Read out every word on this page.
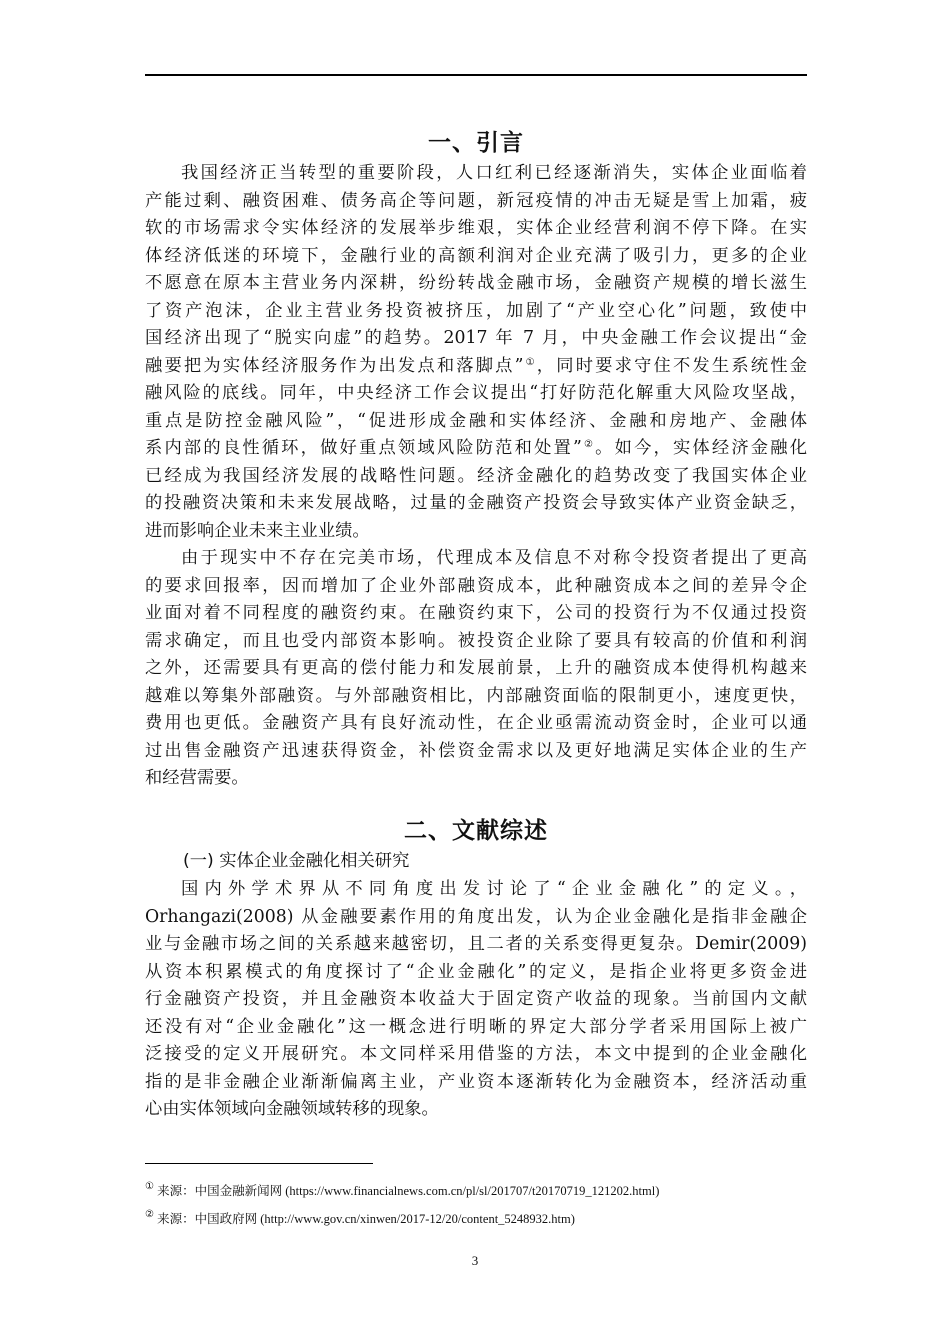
一、引言
我国经济正当转型的重要阶段，人口红利已经逐渐消失，实体企业面临着
产能过剩、融资困难、债务高企等问题，新冠疫情的冲击无疑是雪上加霜，疲
软的市场需求令实体经济的发展举步维艰，实体企业经营利润不停下降。在实
体经济低迷的环境下，金融行业的高额利润对企业充满了吸引力，更多的企业
不愿意在原本主营业务内深耕，纷纷转战金融市场，金融资产规模的增长滋生
了资产泡沫，企业主营业务投资被挤压，加剧了“产业空心化”问题，致使中
国经济出现了“脱实向虚”的趋势。2017 年 7 月，中央金融工作会议提出“金
融要把为实体经济服务作为出发点和落脚点”①，同时要求守住不发生系统性金
融风险的底线。同年，中央经济工作会议提出“打好防范化解重大风险攻坚战，
重点是防控金融风险”，“促进形成金融和实体经济、金融和房地产、金融体
系内部的良性循环，做好重点领域风险防范和处置”②。如今，实体经济金融化
已经成为我国经济发展的战略性问题。经济金融化的趋势改变了我国实体企业
的投融资决策和未来发展战略，过量的金融资产投资会导致实体产业资金缺乏，
进而影响企业未来主业业绩。
由于现实中不存在完美市场，代理成本及信息不对称令投资者提出了更高
的要求回报率，因而增加了企业外部融资成本，此种融资成本之间的差异令企
业面对着不同程度的融资约束。在融资约束下，公司的投资行为不仅通过投资
需求确定，而且也受内部资本影响。被投资企业除了要具有较高的价值和利润
之外，还需要具有更高的偿付能力和发展前景，上升的融资成本使得机构越来
越难以筹集外部融资。与外部融资相比，内部融资面临的限制更小，速度更快，
费用也更低。金融资产具有良好流动性，在企业亟需流动资金时，企业可以通
过出售金融资产迅速获得资金，补偿资金需求以及更好地满足实体企业的生产
和经营需要。
二、文献综述
(一) 实体企业金融化相关研究
国内外学术界从不同角度出发讨论了“企业金融化”的定义。，
Orhangazi(2008) 从金融要素作用的角度出发，认为企业金融化是指非金融企
业与金融市场之间的关系越来越密切，且二者的关系变得更复杂。Demir(2009)
从资本积累模式的角度探讨了“企业金融化”的定义，是指企业将更多资金进
行金融资产投资，并且金融资本收益大于固定资产收益的现象。当前国内文献
还没有对“企业金融化”这一概念进行明晰的界定大部分学者采用国际上被广
泛接受的定义开展研究。本文同样采用借鉴的方法，本文中提到的企业金融化
指的是非金融企业渐渐偏离主业，产业资本逐渐转化为金融资本，经济活动重
心由实体领域向金融领域转移的现象。
① 来源：中国金融新闻网 (https://www.financialnews.com.cn/pl/sl/201707/t20170719_121202.html)
② 来源：中国政府网 (http://www.gov.cn/xinwen/2017-12/20/content_5248932.htm)
3
